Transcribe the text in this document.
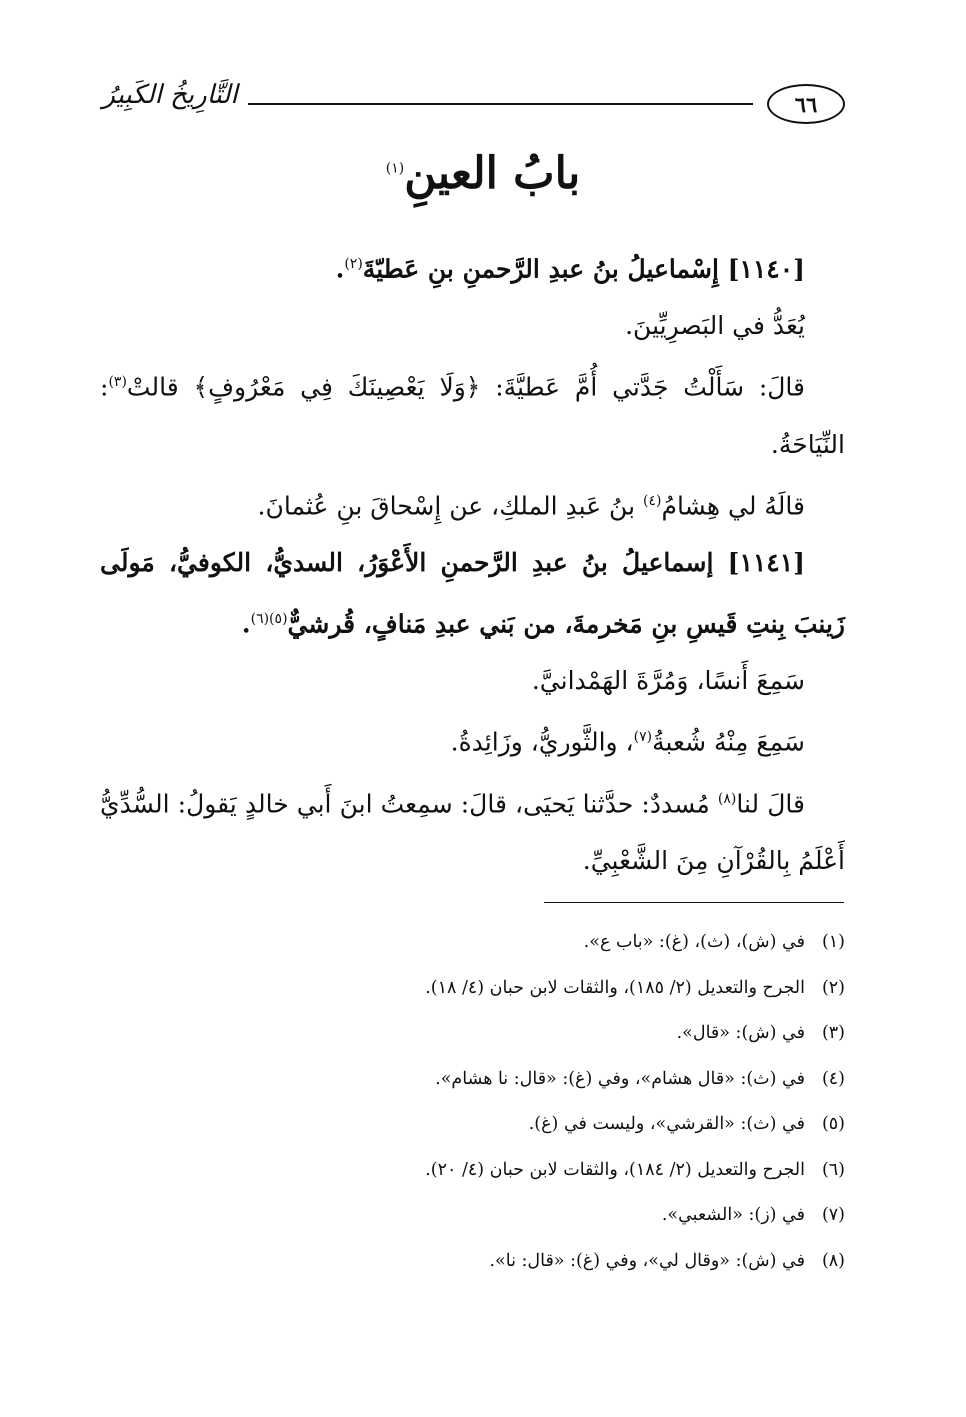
٦٦
التَّارِيخُ الكَبِيرُ
بابُ العينِ$^{(١)}$

[١١٤٠] إِسْماعيلُ بنُ عبدِ الرَّحمنِ بنِ عَطيّةَ$^{(٢)}$.

يُعَدُّ في البَصرِيِّينَ.

قالَ: سَأَلْتُ جَدَّتي أُمَّ عَطيَّةَ: ﴿وَلَا يَعْصِينَكَ فِي مَعْرُوفٍ﴾ قالتْ$^{(٣)}$: النِّيَاحَةُ.

قالَهُ لي هِشامُ$^{(٤)}$ بنُ عَبدِ الملكِ، عن إِسْحاقَ بنِ عُثمانَ.

[١١٤١] إسماعيلُ بنُ عبدِ الرَّحمنِ الأَعْوَرُ، السديُّ، الكوفيُّ، مَولَى زَينبَ بِنتِ قَيسِ بنِ مَخرمةَ، من بَني عبدِ مَنافٍ، قُرشيٌّ$^{(٥)(٦)}$.

سَمِعَ أَنسًا، وَمُرَّةَ الهَمْدانيَّ.

سَمِعَ مِنْهُ شُعبةُ$^{(٧)}$، والثَّوريُّ، وزَائِدةُ.

قالَ لنا$^{(٨)}$ مُسددٌ: حدَّثنا يَحيَى، قالَ: سمِعتُ ابنَ أَبي خالدٍ يَقولُ: السُّدِّيُّ أَعْلَمُ بِالقُرْآنِ مِنَ الشَّعْبِيِّ.

(١)في (ش)، (ث)، (غ): «باب ع».
(٢)الجرح والتعديل (٢/ ١٨٥)، والثقات لابن حبان (٤/ ١٨).
(٣)في (ش): «قال».
(٤)في (ث): «قال هشام»، وفي (غ): «قال: نا هشام».
(٥)في (ث): «القرشي»، وليست في (غ).
(٦)الجرح والتعديل (٢/ ١٨٤)، والثقات لابن حبان (٤/ ٢٠).
(٧)في (ز): «الشعبي».
(٨)في (ش): «وقال لي»، وفي (غ): «قال: نا».
